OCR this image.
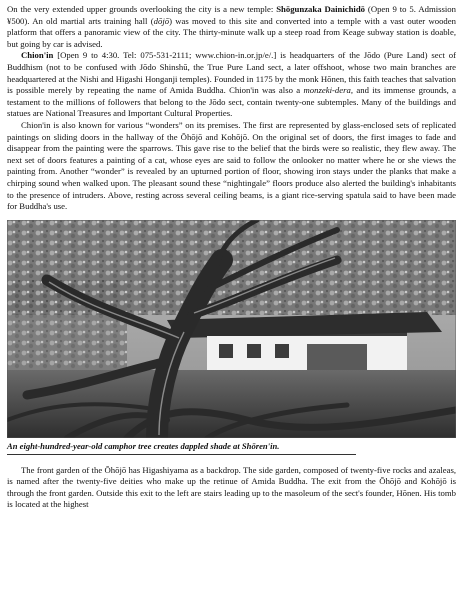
On the very extended upper grounds overlooking the city is a new temple: Shōgunzaka Dainichidō (Open 9 to 5. Admission ¥500). An old martial arts training hall (dōjō) was moved to this site and converted into a temple with a vast outer wooden platform that offers a panoramic view of the city. The thirty-minute walk up a steep road from Keage subway station is doable, but going by car is advised.

Chion'in [Open 9 to 4:30. Tel: 075-531-2111; www.chion-in.or.jp/e/.] is headquarters of the Jōdo (Pure Land) sect of Buddhism (not to be confused with Jōdo Shinshū, the True Pure Land sect, a later offshoot, whose two main branches are headquartered at the Nishi and Higashi Honganji temples). Founded in 1175 by the monk Hōnen, this faith teaches that salvation is possible merely by repeating the name of Amida Buddha. Chion'in was also a monzeki-dera, and its immense grounds, a testament to the millions of followers that belong to the Jōdo sect, contain twenty-one subtemples. Many of the buildings and statues are National Treasures and Important Cultural Properties.

Chion'in is also known for various “wonders” on its premises. The first are represented by glass-enclosed sets of replicated paintings on sliding doors in the hallway of the Ōhōjō and Kohōjō. On the original set of doors, the first images to fade and disappear from the painting were the sparrows. This gave rise to the belief that the birds were so realistic, they flew away. The next set of doors features a painting of a cat, whose eyes are said to follow the onlooker no matter where he or she views the painting from. Another “wonder” is revealed by an upturned portion of floor, showing iron stays under the planks that make a chirping sound when walked upon. The pleasant sound these “nightingale” floors produce also alerted the building's inhabitants to the presence of intruders. Above, resting across several ceiling beams, is a giant rice-serving spatula said to have been made for Buddha's use.

An eight-hundred-year-old camphor tree creates dappled shade at Shōren'in.

The front garden of the Ōhōjō has Higashiyama as a backdrop. The side garden, composed of twenty-five rocks and azaleas, is named after the twenty-five deities who make up the retinue of Amida Buddha. The exit from the Ōhōjō and Kohōjō is through the front garden. Outside this exit to the left are stairs leading up to the masoleum of the sect's founder, Hōnen. His tomb is located at the highest
